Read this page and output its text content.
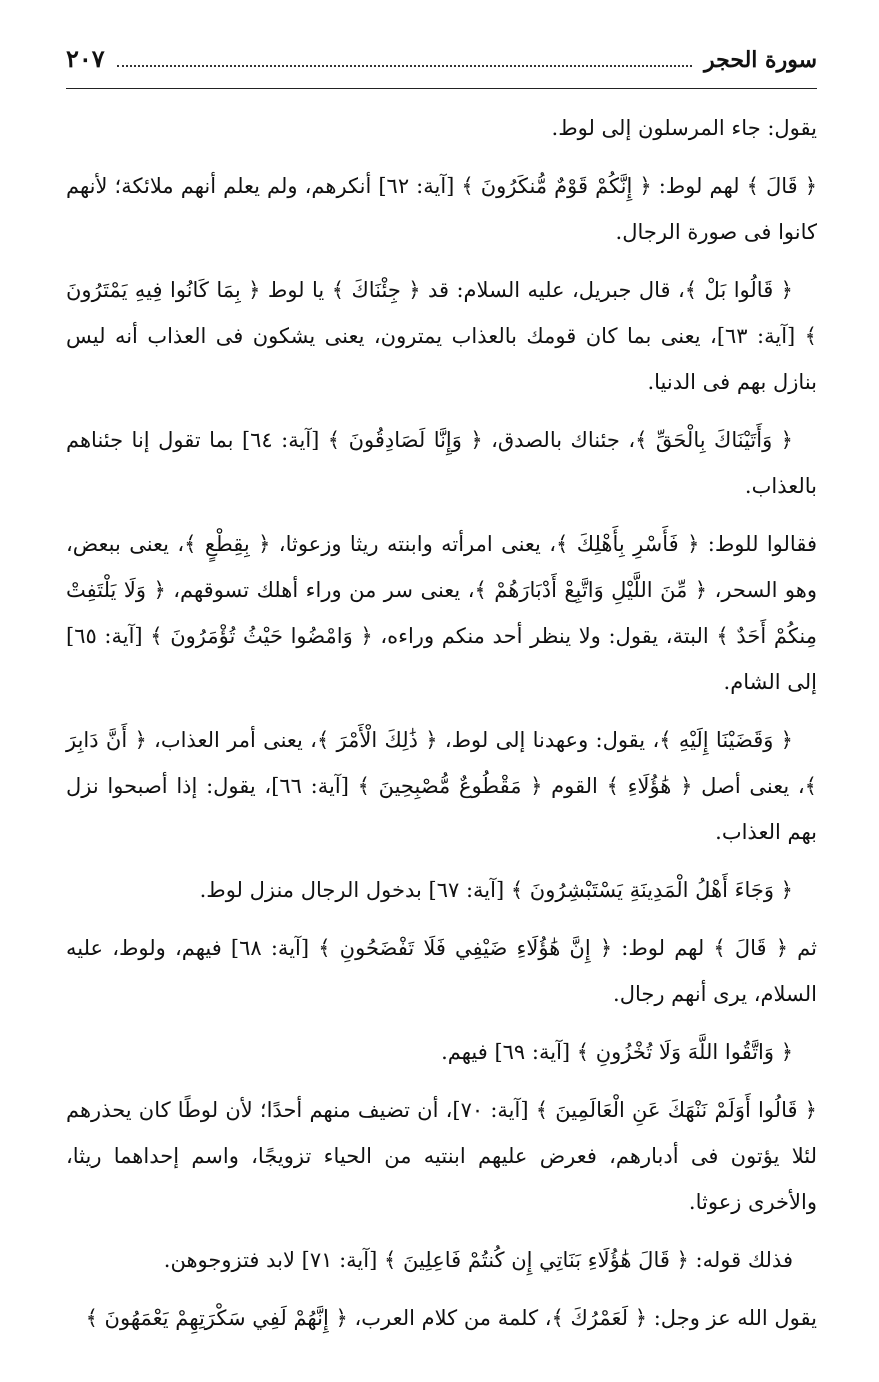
سورة الحجر
٢٠٧

يقول: جاء المرسلون إلى لوط.

﴿ قَالَ ﴾ لهم لوط: ﴿ إِنَّكُمْ قَوْمٌ مُّنكَرُونَ ﴾ [آية: ٦٢] أنكرهم، ولم يعلم أنهم ملائكة؛ لأنهم كانوا فى صورة الرجال.

﴿ قَالُوا بَلْ ﴾، قال جبريل، عليه السلام: قد ﴿ جِئْنَاكَ ﴾ يا لوط ﴿ بِمَا كَانُوا فِيهِ يَمْتَرُونَ ﴾ [آية: ٦٣]، يعنى بما كان قومك بالعذاب يمترون، يعنى يشكون فى العذاب أنه ليس بنازل بهم فى الدنيا.

﴿ وَأَتَيْنَاكَ بِالْحَقِّ ﴾، جئناك بالصدق، ﴿ وَإِنَّا لَصَادِقُونَ ﴾ [آية: ٦٤] بما تقول إنا جئناهم بالعذاب.

فقالوا للوط: ﴿ فَأَسْرِ بِأَهْلِكَ ﴾، يعنى امرأته وابنته ريثا وزعوثا، ﴿ بِقِطْعٍ ﴾، يعنى ببعض، وهو السحر، ﴿ مِّنَ اللَّيْلِ وَاتَّبِعْ أَدْبَارَهُمْ ﴾، يعنى سر من وراء أهلك تسوقهم، ﴿ وَلَا يَلْتَفِتْ مِنكُمْ أَحَدٌ ﴾ البتة، يقول: ولا ينظر أحد منكم وراءه، ﴿ وَامْضُوا حَيْثُ تُؤْمَرُونَ ﴾ [آية: ٦٥] إلى الشام.

﴿ وَقَضَيْنَا إِلَيْهِ ﴾، يقول: وعهدنا إلى لوط، ﴿ ذَٰلِكَ الْأَمْرَ ﴾، يعنى أمر العذاب، ﴿ أَنَّ دَابِرَ ﴾، يعنى أصل ﴿ هَٰؤُلَاءِ ﴾ القوم ﴿ مَقْطُوعٌ مُّصْبِحِينَ ﴾ [آية: ٦٦]، يقول: إذا أصبحوا نزل بهم العذاب.

﴿ وَجَاءَ أَهْلُ الْمَدِينَةِ يَسْتَبْشِرُونَ ﴾ [آية: ٦٧] بدخول الرجال منزل لوط.

ثم ﴿ قَالَ ﴾ لهم لوط: ﴿ إِنَّ هَٰؤُلَاءِ ضَيْفِي فَلَا تَفْضَحُونِ ﴾ [آية: ٦٨] فيهم، ولوط، عليه السلام، يرى أنهم رجال.

﴿ وَاتَّقُوا اللَّهَ وَلَا تُخْزُونِ ﴾ [آية: ٦٩] فيهم.

﴿ قَالُوا أَوَلَمْ نَنْهَكَ عَنِ الْعَالَمِينَ ﴾ [آية: ٧٠]، أن تضيف منهم أحدًا؛ لأن لوطًا كان يحذرهم لئلا يؤتون فى أدبارهم، فعرض عليهم ابنتيه من الحياء تزويجًا، واسم إحداهما ريثا، والأخرى زعوثا.

فذلك قوله: ﴿ قَالَ هَٰؤُلَاءِ بَنَاتِي إِن كُنتُمْ فَاعِلِينَ ﴾ [آية: ٧١] لابد فتزوجوهن.

يقول الله عز وجل: ﴿ لَعَمْرُكَ ﴾، كلمة من كلام العرب، ﴿ إِنَّهُمْ لَفِي سَكْرَتِهِمْ يَعْمَهُونَ ﴾
